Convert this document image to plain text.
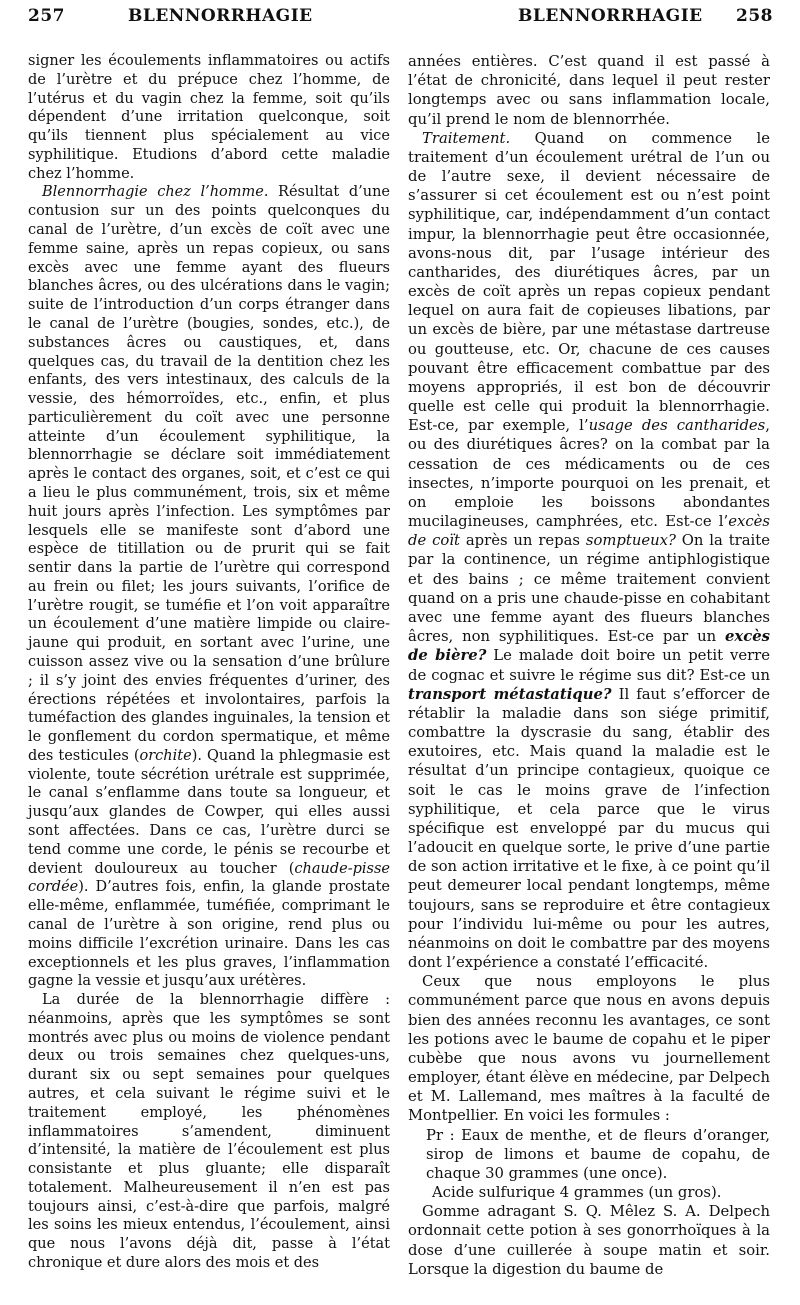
257	BLENNORRHAGIE	BLENNORRHAGIE 258

signer les écoulements inflammatoires ou actifs de l’urètre et du prépuce chez l’homme, de l’utérus et du vagin chez la femme, soit qu’ils dépendent d’une irritation quelconque, soit qu’ils tiennent plus spécialement au vice syphilitique. Etudions d’abord cette maladie chez l’homme.

Blennorrhagie chez l’homme. Résultat d’une contusion sur un des points quelconques du canal de l’urètre, d’un excès de coït avec une femme saine, après un repas copieux, ou sans excès avec une femme ayant des flueurs blanches âcres, ou des ulcérations dans le vagin; suite de l’introduction d’un corps étranger dans le canal de l’urètre (bougies, sondes, etc.), de substances âcres ou caustiques, et, dans quelques cas, du travail de la dentition chez les enfants, des vers intestinaux, des calculs de la vessie, des hémorroïdes, etc., enfin, et plus particulièrement du coït avec une personne atteinte d’un écoulement syphilitique, la blennorrhagie se déclare soit immédiatement après le contact des organes, soit, et c’est ce qui a lieu le plus communément, trois, six et même huit jours après l’infection. Les symptômes par lesquels elle se manifeste sont d’abord une espèce de titillation ou de prurit qui se fait sentir dans la partie de l’urètre qui correspond au frein ou filet; les jours suivants, l’orifice de l’urètre rougit, se tuméfie et l’on voit apparaître un écoulement d’une matière limpide ou claire-jaune qui produit, en sortant avec l’urine, une cuisson assez vive ou la sensation d’une brûlure ; il s’y joint des envies fréquentes d’uriner, des érections répétées et involontaires, parfois la tuméfaction des glandes inguinales, la tension et le gonflement du cordon spermatique, et même des testicules (orchite). Quand la phlegmasie est violente, toute sécrétion urétrale est supprimée, le canal s’enflamme dans toute sa longueur, et jusqu’aux glandes de Cowper, qui elles aussi sont affectées. Dans ce cas, l’urètre durci se tend comme une corde, le pénis se recourbe et devient douloureux au toucher (chaude-pisse cordée). D’autres fois, enfin, la glande prostate elle-même, enflammée, tuméfiée, comprimant le canal de l’urètre à son origine, rend plus ou moins difficile l’excrétion urinaire. Dans les cas exceptionnels et les plus graves, l’inflammation gagne la vessie et jusqu’aux urétères.

La durée de la blennorrhagie diffère : néanmoins, après que les symptômes se sont montrés avec plus ou moins de violence pendant deux ou trois semaines chez quelques-uns, durant six ou sept semaines pour quelques autres, et cela suivant le régime suivi et le traitement employé, les phénomènes inflammatoires s’amendent, diminuent d’intensité, la matière de l’écoulement est plus consistante et plus gluante; elle disparaît totalement. Malheureusement il n’en est pas toujours ainsi, c’est-à-dire que parfois, malgré les soins les mieux entendus, l’écoulement, ainsi que nous l’avons déjà dit, passe à l’état chronique et dure alors des mois et des

années entières. C’est quand il est passé à l’état de chronicité, dans lequel il peut rester longtemps avec ou sans inflammation locale, qu’il prend le nom de blennorrhée.

Traitement. Quand on commence le traitement d’un écoulement urétral de l’un ou de l’autre sexe, il devient nécessaire de s’assurer si cet écoulement est ou n’est point syphilitique, car, indépendamment d’un contact impur, la blennorrhagie peut être occasionnée, avons-nous dit, par l’usage intérieur des cantharides, des diurétiques âcres, par un excès de coït après un repas copieux pendant lequel on aura fait de copieuses libations, par un excès de bière, par une métastase dartreuse ou goutteuse, etc. Or, chacune de ces causes pouvant être efficacement combattue par des moyens appropriés, il est bon de découvrir quelle est celle qui produit la blennorrhagie. Est-ce, par exemple, l’usage des cantharides, ou des diurétiques âcres? on la combat par la cessation de ces médicaments ou de ces insectes, n’importe pourquoi on les prenait, et on emploie les boissons abondantes mucilagineuses, camphrées, etc. Est-ce l’excès de coït après un repas somptueux? On la traite par la continence, un régime antiphlogistique et des bains ; ce même traitement convient quand on a pris une chaude-pisse en cohabitant avec une femme ayant des flueurs blanches âcres, non syphilitiques. Est-ce par un excès de bière? Le malade doit boire un petit verre de cognac et suivre le régime sus dit? Est-ce un transport métastatique? Il faut s’efforcer de rétablir la maladie dans son siége primitif, combattre la dyscrasie du sang, établir des exutoires, etc. Mais quand la maladie est le résultat d’un principe contagieux, quoique ce soit le cas le moins grave de l’infection syphilitique, et cela parce que le virus spécifique est enveloppé par du mucus qui l’adoucit en quelque sorte, le prive d’une partie de son action irritative et le fixe, à ce point qu’il peut demeurer local pendant longtemps, même toujours, sans se reproduire et être contagieux pour l’individu lui-même ou pour les autres, néanmoins on doit le combattre par des moyens dont l’expérience a constaté l’efficacité.

Ceux que nous employons le plus communément parce que nous en avons depuis bien des années reconnu les avantages, ce sont les potions avec le baume de copahu et le piper cubèbe que nous avons vu journellement employer, étant élève en médecine, par Delpech et M. Lallemand, mes maîtres à la faculté de Montpellier. En voici les formules :

Pr : Eaux de menthe, et de fleurs d’oranger, sirop de limons et baume de copahu, de chaque 30 grammes (une once).

Acide sulfurique 4 grammes (un gros).

Gomme adragant S. Q. Mêlez S. A. Delpech ordonnait cette potion à ses gonorrhoïques à la dose d’une cuillerée à soupe matin et soir. Lorsque la digestion du baume de
